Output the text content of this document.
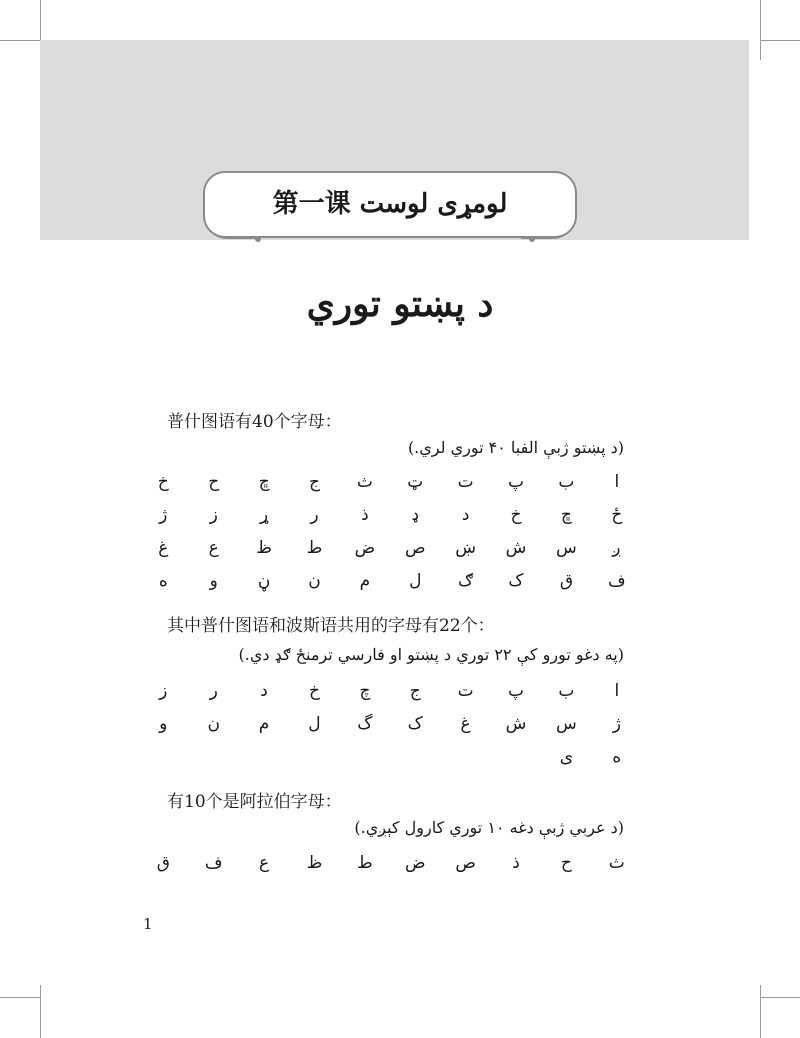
第一课 لومړی لوست
د پښتو توري
普什图语有40个字母：
(د پښتو ژبې الفبا ۴۰ توري لري.)
ا
ب
پ
ت
ټ
ث
ج
ڇ
ح
خ
ځ
ڇ
خ
د
ډ
ذ
ر
ړ
ز
ژ
ږ
س
ش
ښ
ص
ض
ط
ظ
ع
غ
ف
ق
ک
ګ
ل
م
ن
ڼ
و
ه
其中普什图语和波斯语共用的字母有22个：
(په دغو تورو کې ۲۲ توري د پښتو او فارسي ترمنځ ګډ دي.)
ا
ب
پ
ت
ج
چ
خ
د
ر
ز
ژ
س
ش
غ
ک
گ
ل
م
ن
و
ه
ی
有10个是阿拉伯字母：
(د عربي ژبې دغه ۱۰ توري کارول کېږي.)
ث
ح
ذ
ص
ض
ط
ظ
ع
ف
ق
1
